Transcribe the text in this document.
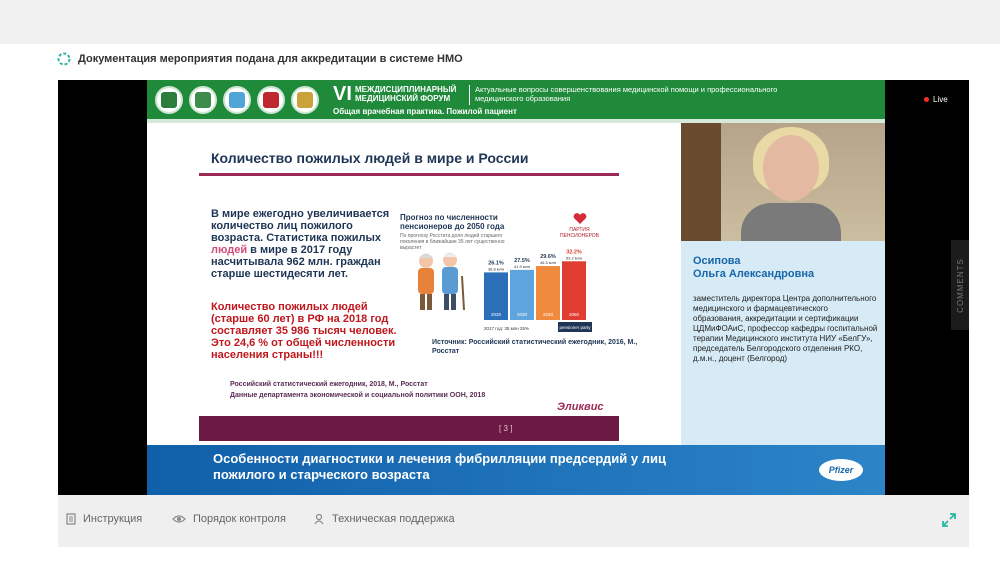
Документация мероприятия подана для аккредитации в системе НМО
VI МЕЖДИСЦИПЛИНАРНЫЙ МЕДИЦИНСКИЙ ФОРУМ
Актуальные вопросы совершенствования медицинской помощи и профессионального медицинского образования
Общая врачебная практика. Пожилой пациент
Количество пожилых людей в мире и России
В мире ежегодно увеличивается количество лиц пожилого возраста. Статистика пожилых людей в мире в 2017 году насчитывала 962 млн. граждан старше шестидесяти лет.
Количество пожилых людей (старше 60 лет) в РФ на 2018 год составляет 35 986 тысяч человек. Это 24,6 % от общей численности населения страны!!!
Прогноз по численности пенсионеров до 2050 года
По прогнозу Росстата доля людей старшего поколения в ближайшие 35 лет существенно вырастет
ПАРТИЯ ПЕНСИОНЕРОВ
26.1%
38.8 млн
2020
27.5%
41.9 млн
2030
29.6%
46.5 млн
2040
32.2%
53.2 млн
2050
2017 год: 35 млн 25%	pensioner party
Источник: Российский статистический ежегодник, 2016, М., Росстат
Российский статистический ежегодник, 2018, М., Росстат
Данные департамента экономической и социальной политики ООН, 2018
Эликвис
[ 3 ]
Осипова
Ольга Александровна
заместитель директора Центра дополнительного медицинского и фармацевтического образования, аккредитации и сертификации ЦДМиФОАиС, профессор кафедры госпитальной терапии Медицинского института НИУ «БелГУ», председатель Белгородского отделения РКО, д.м.н., доцент (Белгород)
Особенности диагностики и лечения фибрилляции предсердий у лиц пожилого и старческого возраста	Pfizer
Live
COMMENTS
Инструкция	Порядок контроля	Техническая поддержка
